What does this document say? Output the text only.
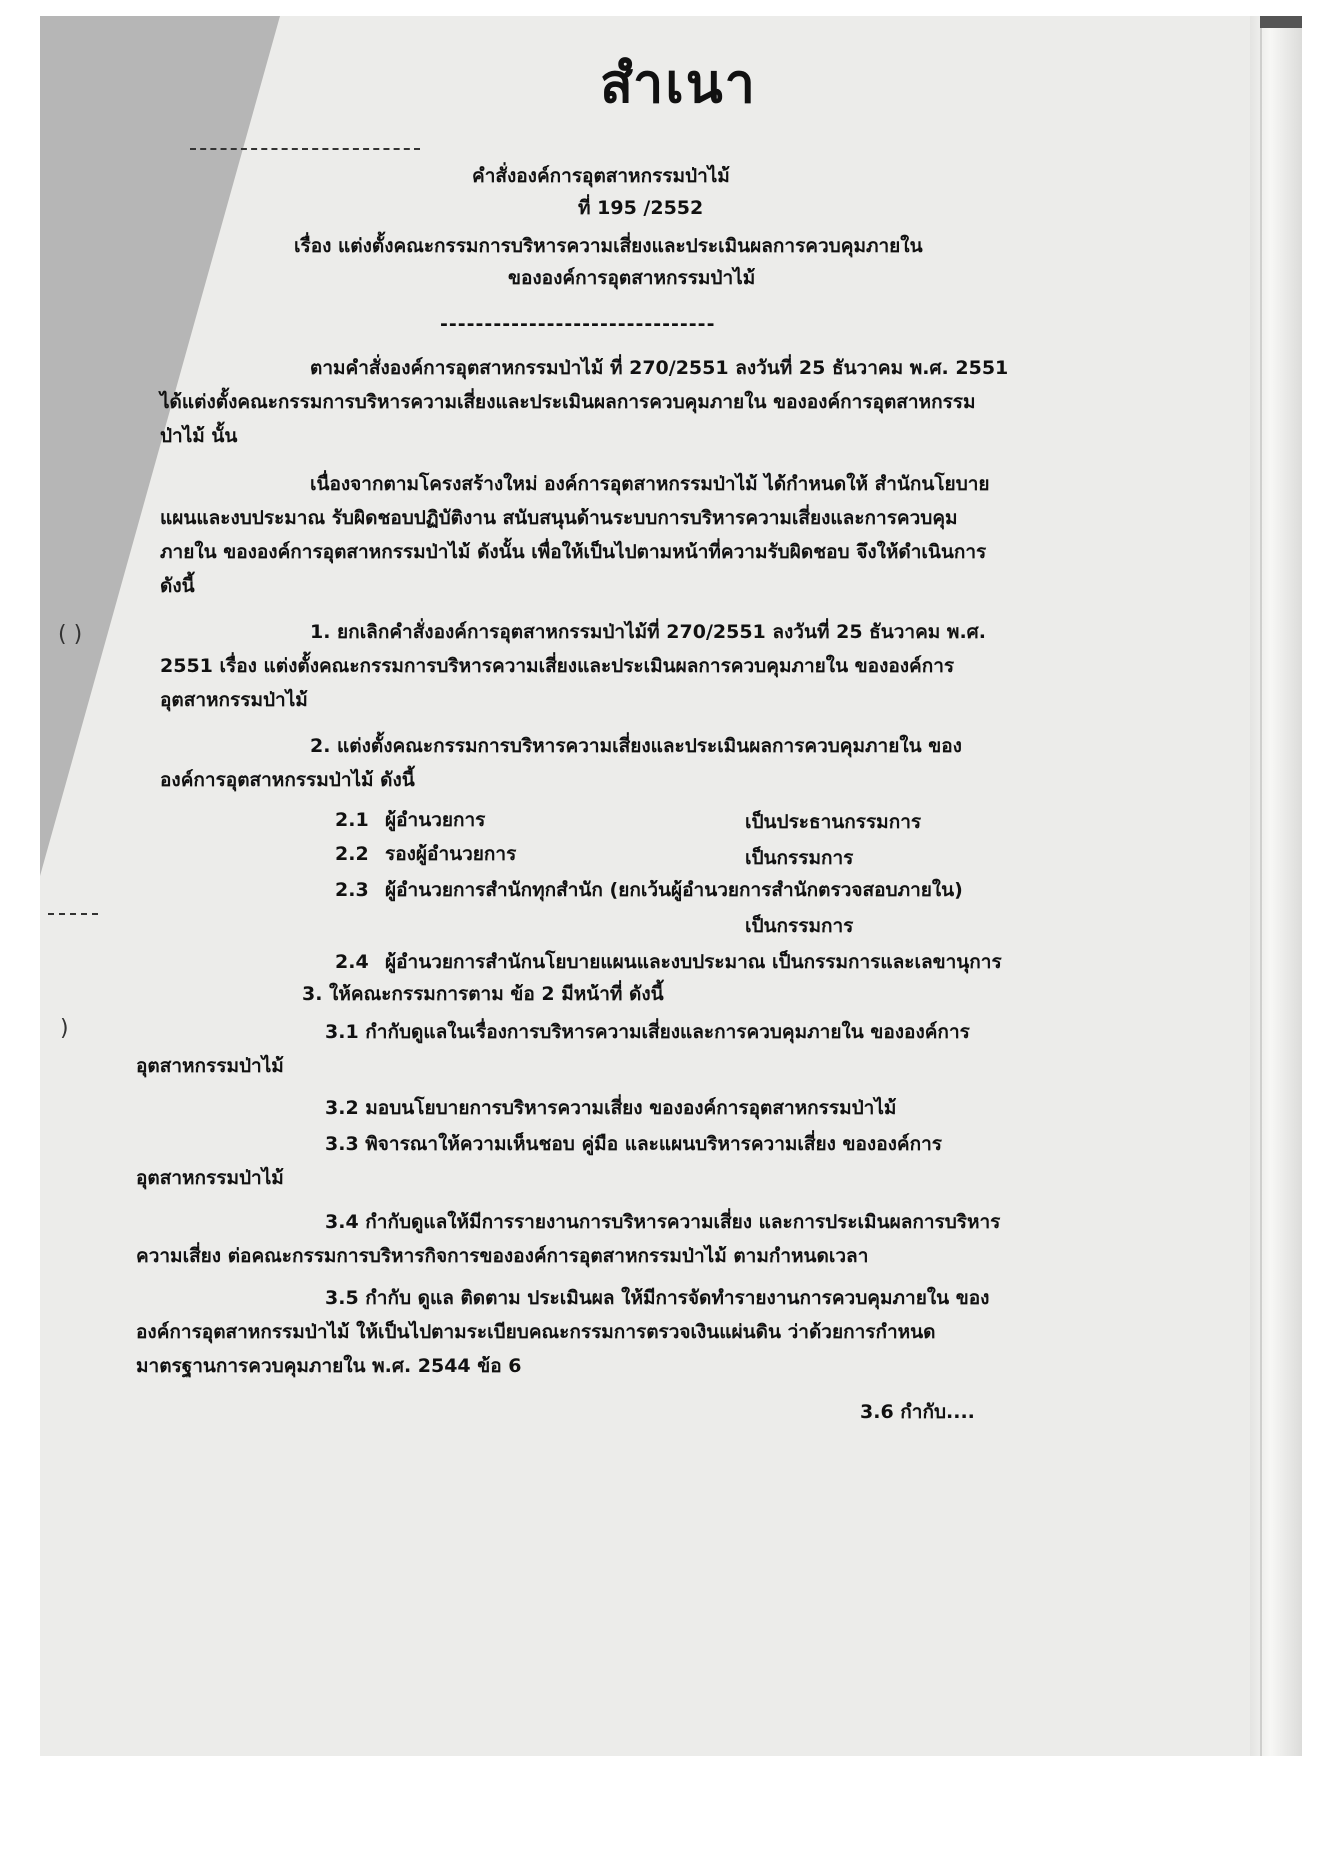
สำเนา
คำสั่งองค์การอุตสาหกรรมป่าไม้
ที่ 195 /2552
เรื่อง แต่งตั้งคณะกรรมการบริหารความเสี่ยงและประเมินผลการควบคุมภายใน
ขององค์การอุตสาหกรรมป่าไม้
-------------------------------
ตามคำสั่งองค์การอุตสาหกรรมป่าไม้ ที่ 270/2551 ลงวันที่ 25 ธันวาคม พ.ศ. 2551
ได้แต่งตั้งคณะกรรมการบริหารความเสี่ยงและประเมินผลการควบคุมภายใน ขององค์การอุตสาหกรรม
ป่าไม้ นั้น
เนื่องจากตามโครงสร้างใหม่ องค์การอุตสาหกรรมป่าไม้ ได้กำหนดให้ สำนักนโยบาย
แผนและงบประมาณ รับผิดชอบปฏิบัติงาน สนับสนุนด้านระบบการบริหารความเสี่ยงและการควบคุม
ภายใน ขององค์การอุตสาหกรรมป่าไม้ ดังนั้น เพื่อให้เป็นไปตามหน้าที่ความรับผิดชอบ จึงให้ดำเนินการ
ดังนี้
1. ยกเลิกคำสั่งองค์การอุตสาหกรรมป่าไม้ที่ 270/2551 ลงวันที่ 25 ธันวาคม พ.ศ.
2551 เรื่อง แต่งตั้งคณะกรรมการบริหารความเสี่ยงและประเมินผลการควบคุมภายใน ขององค์การ
อุตสาหกรรมป่าไม้
2. แต่งตั้งคณะกรรมการบริหารความเสี่ยงและประเมินผลการควบคุมภายใน ของ
องค์การอุตสาหกรรมป่าไม้ ดังนี้
2.1 ผู้อำนวยการ	เป็นประธานกรรมการ
2.2 รองผู้อำนวยการ	เป็นกรรมการ
2.3 ผู้อำนวยการสำนักทุกสำนัก (ยกเว้นผู้อำนวยการสำนักตรวจสอบภายใน)
เป็นกรรมการ
2.4 ผู้อำนวยการสำนักนโยบายแผนและงบประมาณ เป็นกรรมการและเลขานุการ
3. ให้คณะกรรมการตาม ข้อ 2 มีหน้าที่ ดังนี้
3.1 กำกับดูแลในเรื่องการบริหารความเสี่ยงและการควบคุมภายใน ขององค์การ
อุตสาหกรรมป่าไม้
3.2 มอบนโยบายการบริหารความเสี่ยง ขององค์การอุตสาหกรรมป่าไม้
3.3 พิจารณาให้ความเห็นชอบ คู่มือ และแผนบริหารความเสี่ยง ขององค์การ
อุตสาหกรรมป่าไม้
3.4 กำกับดูแลให้มีการรายงานการบริหารความเสี่ยง และการประเมินผลการบริหาร
ความเสี่ยง ต่อคณะกรรมการบริหารกิจการขององค์การอุตสาหกรรมป่าไม้ ตามกำหนดเวลา
3.5 กำกับ ดูแล ติดตาม ประเมินผล ให้มีการจัดทำรายงานการควบคุมภายใน ของ
องค์การอุตสาหกรรมป่าไม้ ให้เป็นไปตามระเบียบคณะกรรมการตรวจเงินแผ่นดิน ว่าด้วยการกำหนด
มาตรฐานการควบคุมภายใน พ.ศ. 2544 ข้อ 6
3.6 กำกับ....
( )
)
